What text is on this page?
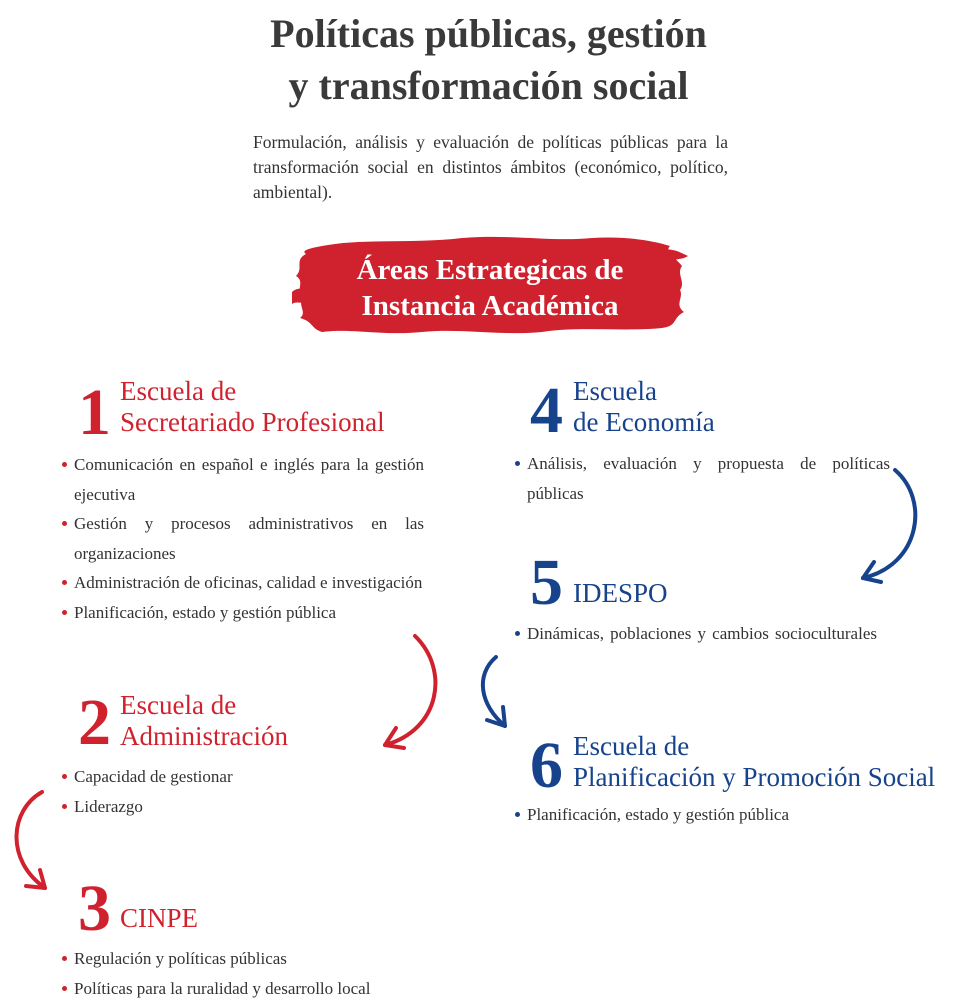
Políticas públicas, gestión
y transformación social
Formulación, análisis y evaluación de políticas públicas para la transformación social en distintos ámbitos (económico, político, ambiental).
Áreas Estrategicas de
Instancia Académica
1 Escuela de
Secretariado Profesional
Comunicación en español e inglés para la gestión ejecutiva
Gestión y procesos administrativos en las organizaciones
Administración de oficinas, calidad e investigación
Planificación, estado y gestión pública
2 Escuela de
Administración
Capacidad de gestionar
Liderazgo
3 CINPE
Regulación y políticas públicas
Políticas para la ruralidad y desarrollo local
4 Escuela
de Economía
Análisis, evaluación y propuesta de políticas públicas
5 IDESPO
Dinámicas, poblaciones y cambios socioculturales
6 Escuela de
Planificación y Promoción Social
Planificación, estado y gestión pública
